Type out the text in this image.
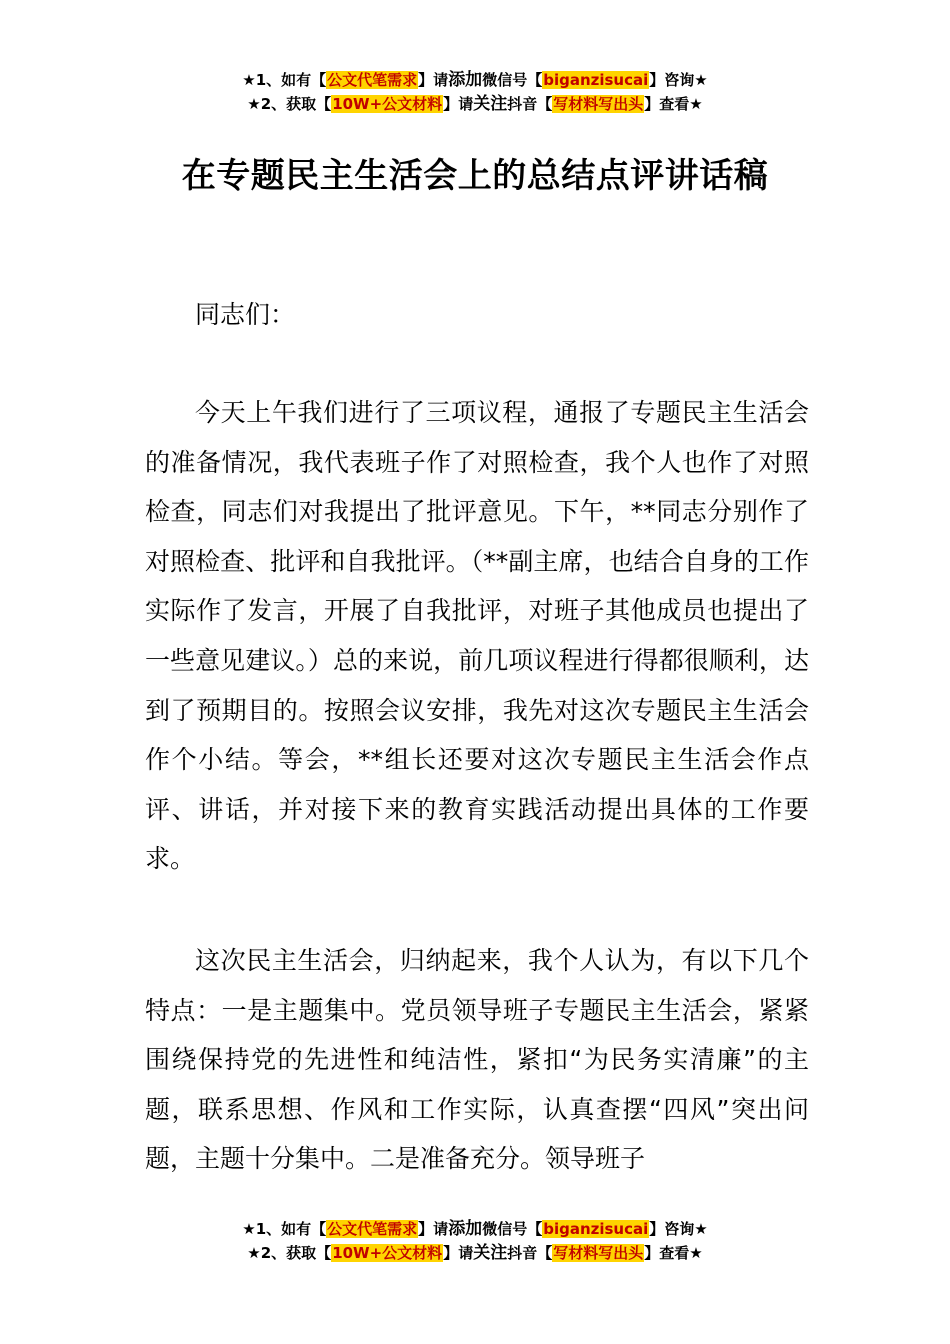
★1、如有【公文代笔需求】请添加微信号【biganzisucai】咨询★
★2、获取【10W+公文材料】请关注抖音【写材料写出头】查看★
在专题民主生活会上的总结点评讲话稿

同志们：

今天上午我们进行了三项议程，通报了专题民主生活会的准备情况，我代表班子作了对照检查，我个人也作了对照检查，同志们对我提出了批评意见。下午，**同志分别作了对照检查、批评和自我批评。（**副主席，也结合自身的工作实际作了发言，开展了自我批评，对班子其他成员也提出了一些意见建议。）总的来说，前几项议程进行得都很顺利，达到了预期目的。按照会议安排，我先对这次专题民主生活会作个小结。等会，**组长还要对这次专题民主生活会作点评、讲话，并对接下来的教育实践活动提出具体的工作要求。

这次民主生活会，归纳起来，我个人认为，有以下几个特点：一是主题集中。党员领导班子专题民主生活会，紧紧围绕保持党的先进性和纯洁性，紧扣“为民务实清廉”的主题，联系思想、作风和工作实际，认真查摆“四风”突出问题，主题十分集中。二是准备充分。领导班子

★1、如有【公文代笔需求】请添加微信号【biganzisucai】咨询★
★2、获取【10W+公文材料】请关注抖音【写材料写出头】查看★
